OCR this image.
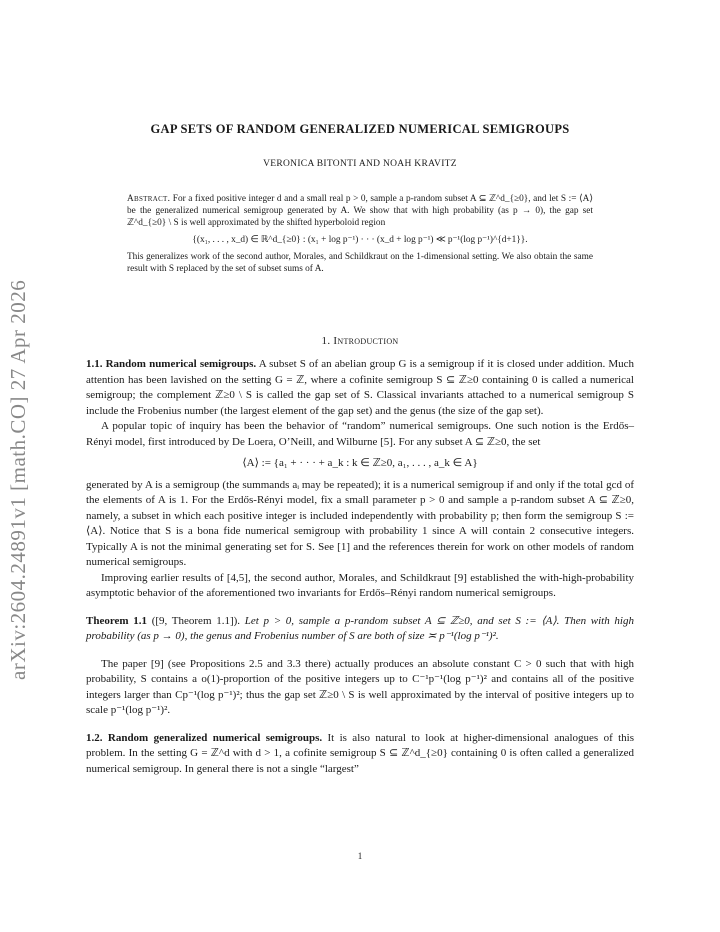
arXiv:2604.24891v1 [math.CO] 27 Apr 2026
GAP SETS OF RANDOM GENERALIZED NUMERICAL SEMIGROUPS
VERONICA BITONTI AND NOAH KRAVITZ
Abstract. For a fixed positive integer d and a small real p > 0, sample a p-random subset A ⊆ ℤ^d_{≥0}, and let S := ⟨A⟩ be the generalized numerical semigroup generated by A. We show that with high probability (as p → 0), the gap set ℤ^d_{≥0} \ S is well approximated by the shifted hyperboloid region
{(x₁, . . . , x_d) ∈ ℝ^d_{≥0} : (x₁ + log p⁻¹) · · · (x_d + log p⁻¹) ≪ p⁻¹(log p⁻¹)^{d+1}}.
This generalizes work of the second author, Morales, and Schildkraut on the 1-dimensional setting. We also obtain the same result with S replaced by the set of subset sums of A.
1. Introduction

1.1. Random numerical semigroups. A subset S of an abelian group G is a semigroup if it is closed under addition. Much attention has been lavished on the setting G = ℤ, where a cofinite semigroup S ⊆ ℤ≥0 containing 0 is called a numerical semigroup; the complement ℤ≥0 \ S is called the gap set of S. Classical invariants attached to a numerical semigroup S include the Frobenius number (the largest element of the gap set) and the genus (the size of the gap set).

A popular topic of inquiry has been the behavior of “random” numerical semigroups. One such notion is the Erdős–Rényi model, first introduced by De Loera, O’Neill, and Wilburne [5]. For any subset A ⊆ ℤ≥0, the set

⟨A⟩ := {a₁ + · · · + a_k : k ∈ ℤ≥0, a₁, . . . , a_k ∈ A}

generated by A is a semigroup (the summands aᵢ may be repeated); it is a numerical semigroup if and only if the total gcd of the elements of A is 1. For the Erdős-Rényi model, fix a small parameter p > 0 and sample a p-random subset A ⊆ ℤ≥0, namely, a subset in which each positive integer is included independently with probability p; then form the semigroup S := ⟨A⟩. Notice that S is a bona fide numerical semigroup with probability 1 since A will contain 2 consecutive integers. Typically A is not the minimal generating set for S. See [1] and the references therein for work on other models of random numerical semigroups.

Improving earlier results of [4,5], the second author, Morales, and Schildkraut [9] established the with-high-probability asymptotic behavior of the aforementioned two invariants for Erdős–Rényi random numerical semigroups.

Theorem 1.1 ([9, Theorem 1.1]). Let p > 0, sample a p-random subset A ⊆ ℤ≥0, and set S := ⟨A⟩. Then with high probability (as p → 0), the genus and Frobenius number of S are both of size ≍ p⁻¹(log p⁻¹)².

The paper [9] (see Propositions 2.5 and 3.3 there) actually produces an absolute constant C > 0 such that with high probability, S contains a o(1)-proportion of the positive integers up to C⁻¹p⁻¹(log p⁻¹)² and contains all of the positive integers larger than Cp⁻¹(log p⁻¹)²; thus the gap set ℤ≥0 \ S is well approximated by the interval of positive integers up to scale p⁻¹(log p⁻¹)².

1.2. Random generalized numerical semigroups. It is also natural to look at higher-dimensional analogues of this problem. In the setting G = ℤ^d with d > 1, a cofinite semigroup S ⊆ ℤ^d_{≥0} containing 0 is often called a generalized numerical semigroup. In general there is not a single “largest”

1
